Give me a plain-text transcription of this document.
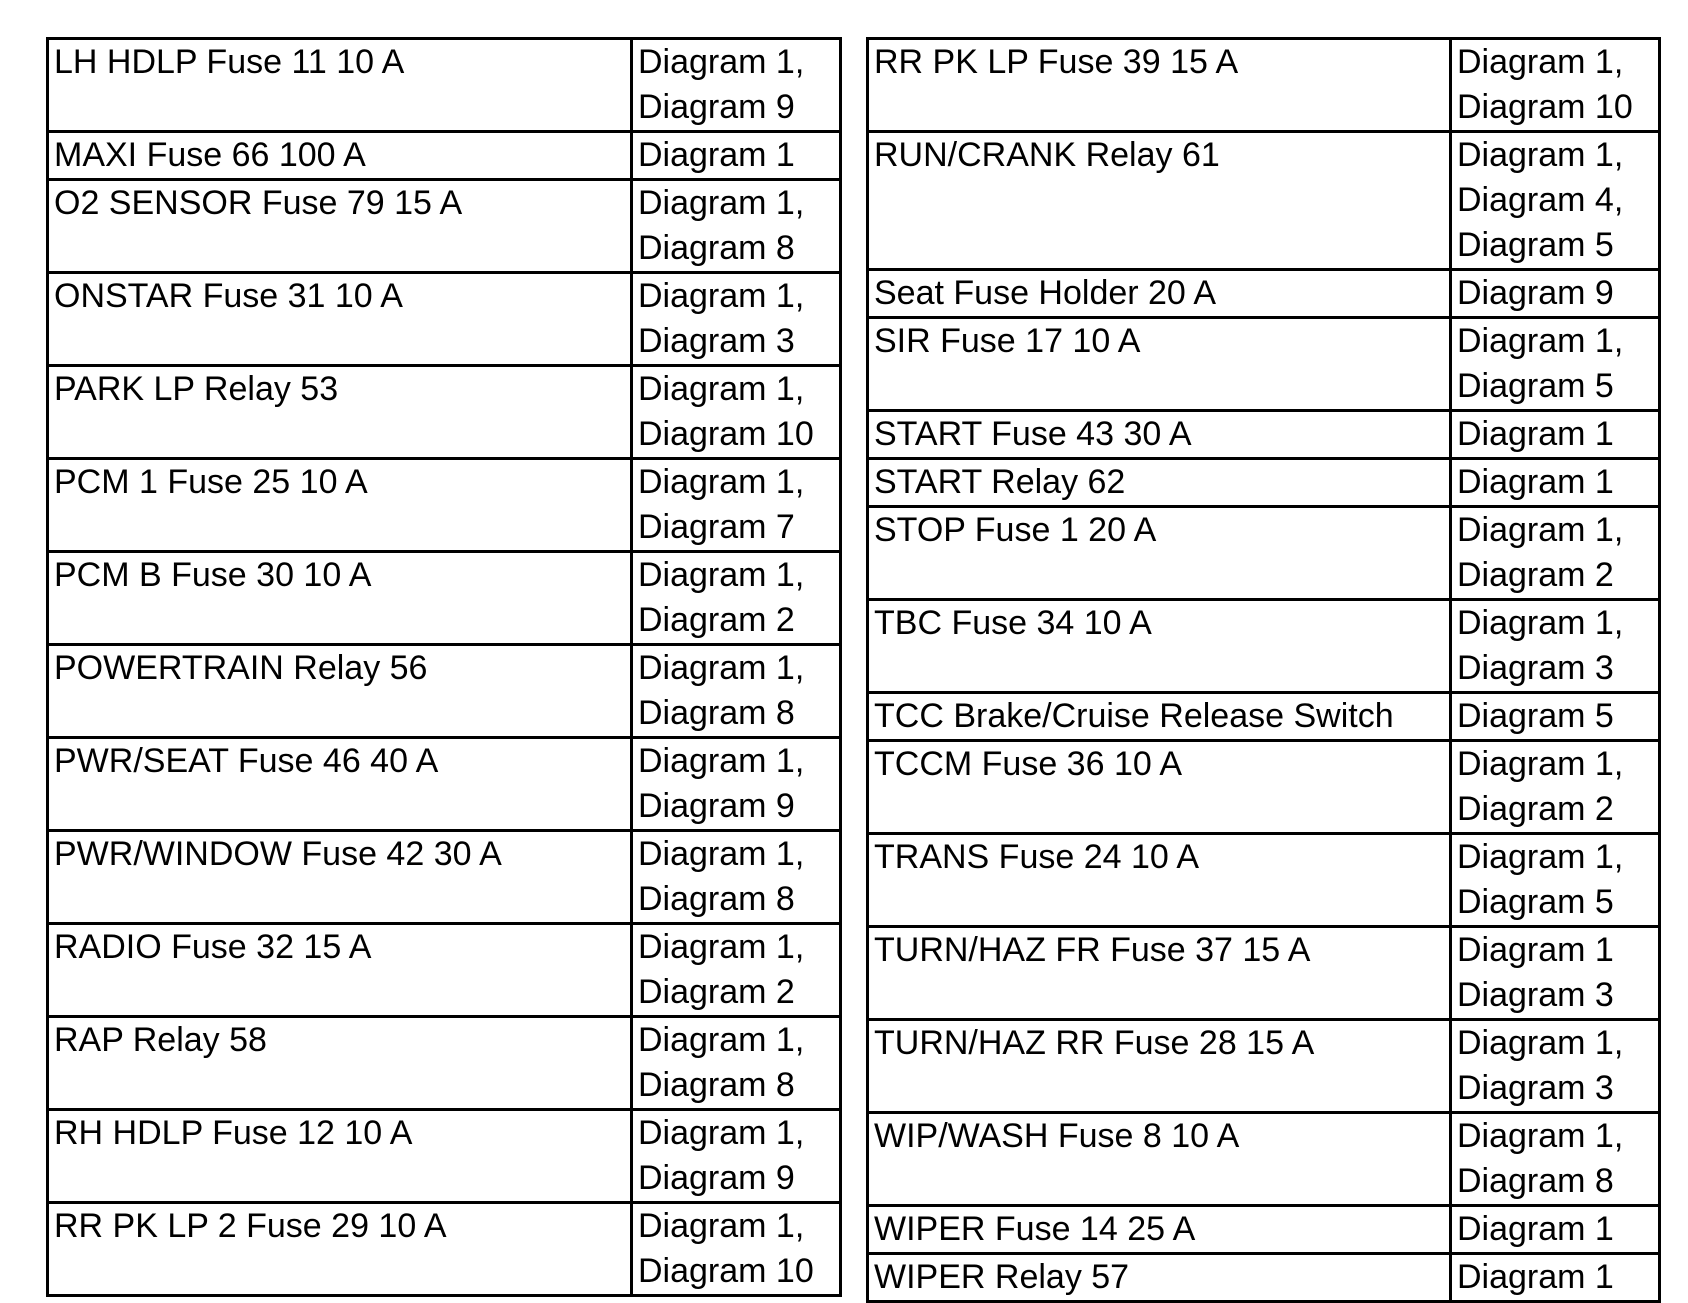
LH HDLP Fuse 11 10 A	Diagram 1,
Diagram 9

MAXI Fuse 66 100 A	Diagram 1

O2 SENSOR Fuse 79 15 A	Diagram 1,
Diagram 8

ONSTAR Fuse 31 10 A	Diagram 1,
Diagram 3

PARK LP Relay 53	Diagram 1,
Diagram 10

PCM 1 Fuse 25 10 A	Diagram 1,
Diagram 7

PCM B Fuse 30 10 A	Diagram 1,
Diagram 2

POWERTRAIN Relay 56	Diagram 1,
Diagram 8

PWR/SEAT Fuse 46 40 A	Diagram 1,
Diagram 9

PWR/WINDOW Fuse 42 30 A	Diagram 1,
Diagram 8

RADIO Fuse 32 15 A	Diagram 1,
Diagram 2

RAP Relay 58	Diagram 1,
Diagram 8

RH HDLP Fuse 12 10 A	Diagram 1,
Diagram 9

RR PK LP 2 Fuse 29 10 A	Diagram 1,
Diagram 10
RR PK LP Fuse 39 15 A	Diagram 1,
Diagram 10

RUN/CRANK Relay 61	Diagram 1,
Diagram 4,
Diagram 5

Seat Fuse Holder 20 A	Diagram 9

SIR Fuse 17 10 A	Diagram 1,
Diagram 5

START Fuse 43 30 A	Diagram 1

START Relay 62	Diagram 1

STOP Fuse 1 20 A	Diagram 1,
Diagram 2

TBC Fuse 34 10 A	Diagram 1,
Diagram 3

TCC Brake/Cruise Release Switch	Diagram 5

TCCM Fuse 36 10 A	Diagram 1,
Diagram 2

TRANS Fuse 24 10 A	Diagram 1,
Diagram 5

TURN/HAZ FR Fuse 37 15 A	Diagram 1
Diagram 3

TURN/HAZ RR Fuse 28 15 A	Diagram 1,
Diagram 3

WIP/WASH Fuse 8 10 A	Diagram 1,
Diagram 8

WIPER Fuse 14 25 A	Diagram 1

WIPER Relay 57	Diagram 1
